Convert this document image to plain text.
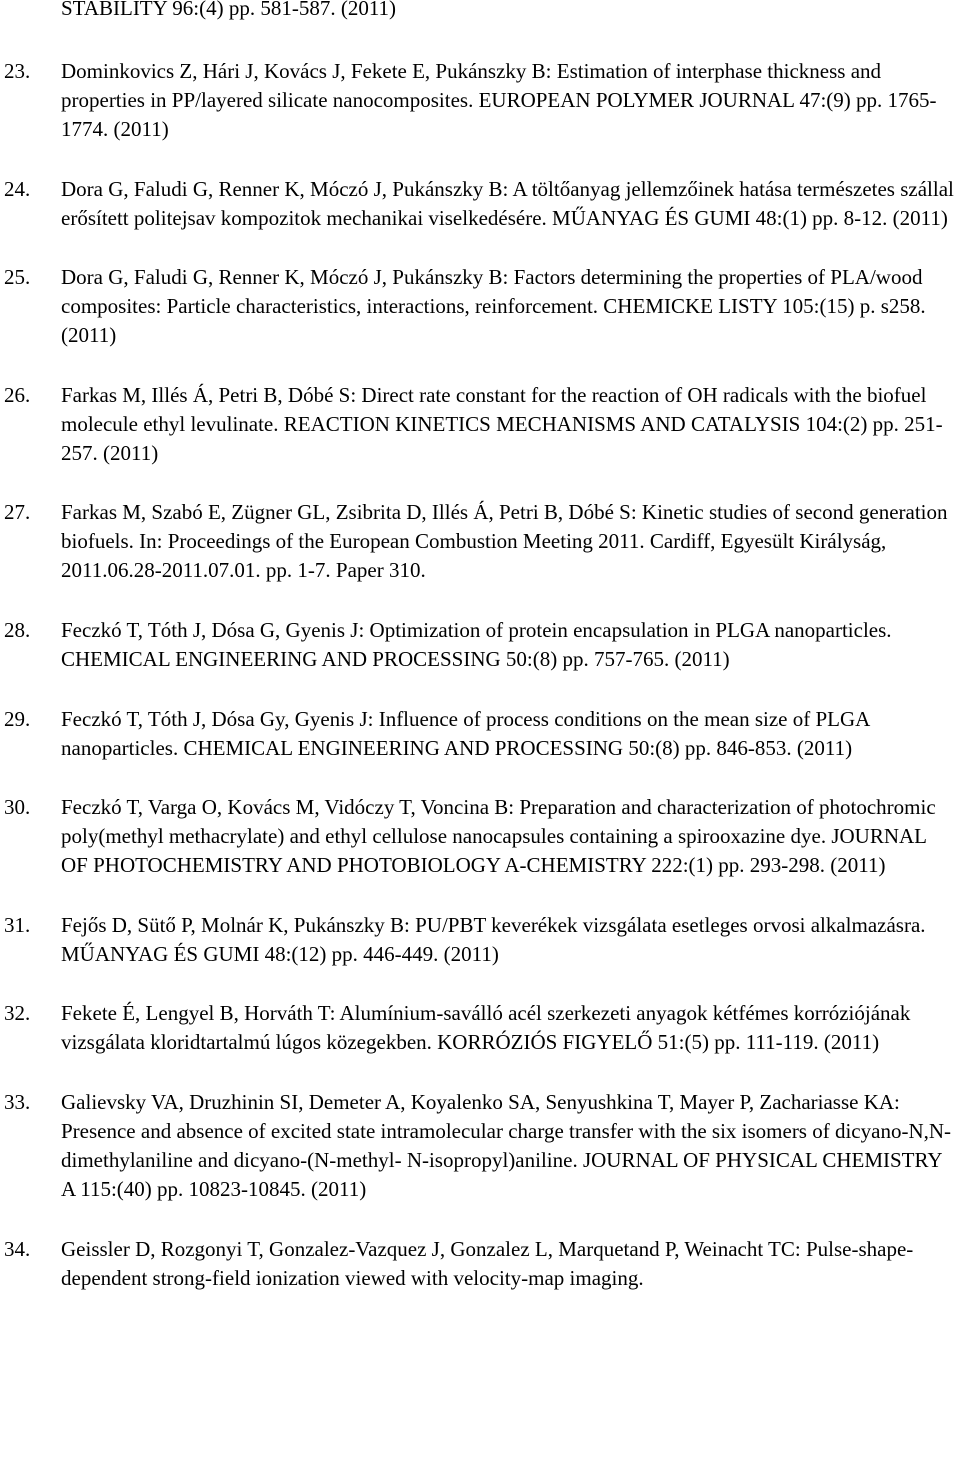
STABILITY 96:(4) pp. 581-587. (2011)
23. Dominkovics Z, Hári J, Kovács J, Fekete E, Pukánszky B: Estimation of interphase thickness and properties in PP/layered silicate nanocomposites. EUROPEAN POLYMER JOURNAL 47:(9) pp. 1765-1774. (2011)
24. Dora G, Faludi G, Renner K, Móczó J, Pukánszky B: A töltőanyag jellemzőinek hatása természetes szállal erősített politejsav kompozitok mechanikai viselkedésére. MŰANYAG ÉS GUMI 48:(1) pp. 8-12. (2011)
25. Dora G, Faludi G, Renner K, Móczó J, Pukánszky B: Factors determining the properties of PLA/wood composites: Particle characteristics, interactions, reinforcement. CHEMICKE LISTY 105:(15) p. s258. (2011)
26. Farkas M, Illés Á, Petri B, Dóbé S: Direct rate constant for the reaction of OH radicals with the biofuel molecule ethyl levulinate. REACTION KINETICS MECHANISMS AND CATALYSIS 104:(2) pp. 251-257. (2011)
27. Farkas M, Szabó E, Zügner GL, Zsibrita D, Illés Á, Petri B, Dóbé S: Kinetic studies of second generation biofuels. In: Proceedings of the European Combustion Meeting 2011. Cardiff, Egyesült Királyság, 2011.06.28-2011.07.01. pp. 1-7. Paper 310.
28. Feczkó T, Tóth J, Dósa G, Gyenis J: Optimization of protein encapsulation in PLGA nanoparticles. CHEMICAL ENGINEERING AND PROCESSING 50:(8) pp. 757-765. (2011)
29. Feczkó T, Tóth J, Dósa Gy, Gyenis J: Influence of process conditions on the mean size of PLGA nanoparticles. CHEMICAL ENGINEERING AND PROCESSING 50:(8) pp. 846-853. (2011)
30. Feczkó T, Varga O, Kovács M, Vidóczy T, Voncina B: Preparation and characterization of photochromic poly(methyl methacrylate) and ethyl cellulose nanocapsules containing a spirooxazine dye. JOURNAL OF PHOTOCHEMISTRY AND PHOTOBIOLOGY A-CHEMISTRY 222:(1) pp. 293-298. (2011)
31. Fejős D, Sütő P, Molnár K, Pukánszky B: PU/PBT keverékek vizsgálata esetleges orvosi alkalmazásra. MŰANYAG ÉS GUMI 48:(12) pp. 446-449. (2011)
32. Fekete É, Lengyel B, Horváth T: Alumínium-saválló acél szerkezeti anyagok kétfémes korróziójának vizsgálata kloridtartalmú lúgos közegekben. KORRÓZIÓS FIGYELŐ 51:(5) pp. 111-119. (2011)
33. Galievsky VA, Druzhinin SI, Demeter A, Koyalenko SA, Senyushkina T, Mayer P, Zachariasse KA: Presence and absence of excited state intramolecular charge transfer with the six isomers of dicyano-N,N-dimethylaniline and dicyano-(N-methyl- N-isopropyl)aniline. JOURNAL OF PHYSICAL CHEMISTRY A 115:(40) pp. 10823-10845. (2011)
34. Geissler D, Rozgonyi T, Gonzalez-Vazquez J, Gonzalez L, Marquetand P, Weinacht TC: Pulse-shape-dependent strong-field ionization viewed with velocity-map imaging.
